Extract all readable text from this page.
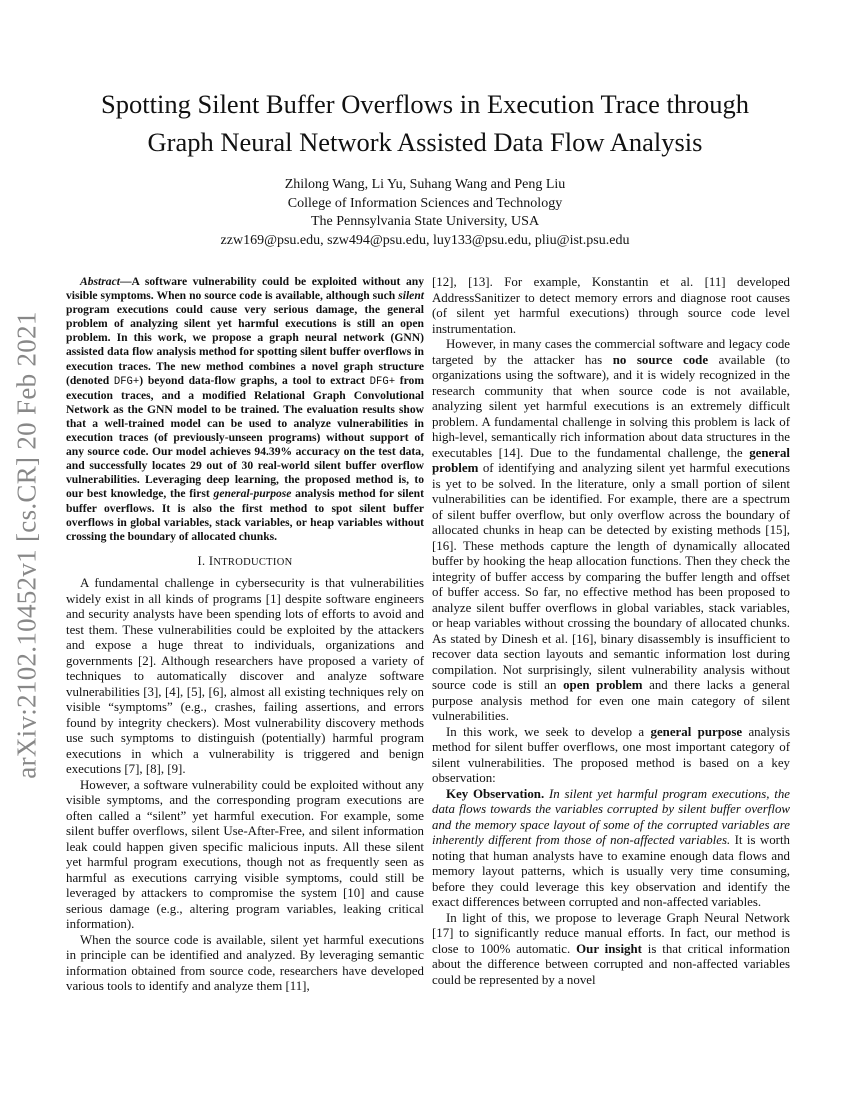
arXiv:2102.10452v1 [cs.CR] 20 Feb 2021
Spotting Silent Buffer Overflows in Execution Trace through
Graph Neural Network Assisted Data Flow Analysis
Zhilong Wang, Li Yu, Suhang Wang and Peng Liu
College of Information Sciences and Technology
The Pennsylvania State University, USA
zzw169@psu.edu, szw494@psu.edu, luy133@psu.edu, pliu@ist.psu.edu

Abstract—A software vulnerability could be exploited without any visible symptoms. When no source code is available, although such silent program executions could cause very serious damage, the general problem of analyzing silent yet harmful executions is still an open problem. In this work, we propose a graph neural network (GNN) assisted data flow analysis method for spotting silent buffer overflows in execution traces. The new method combines a novel graph structure (denoted DFG+) beyond data-flow graphs, a tool to extract DFG+ from execution traces, and a modified Relational Graph Convolutional Network as the GNN model to be trained. The evaluation results show that a well-trained model can be used to analyze vulnerabilities in execution traces (of previously-unseen programs) without support of any source code. Our model achieves 94.39% accuracy on the test data, and successfully locates 29 out of 30 real-world silent buffer overflow vulnerabilities. Leveraging deep learning, the proposed method is, to our best knowledge, the first general-purpose analysis method for silent buffer overflows. It is also the first method to spot silent buffer overflows in global variables, stack variables, or heap variables without crossing the boundary of allocated chunks.

I. INTRODUCTION

A fundamental challenge in cybersecurity is that vulnerabilities widely exist in all kinds of programs [1] despite software engineers and security analysts have been spending lots of efforts to avoid and test them. These vulnerabilities could be exploited by the attackers and expose a huge threat to individuals, organizations and governments [2]. Although researchers have proposed a variety of techniques to automatically discover and analyze software vulnerabilities [3], [4], [5], [6], almost all existing techniques rely on visible “symptoms” (e.g., crashes, failing assertions, and errors found by integrity checkers). Most vulnerability discovery methods use such symptoms to distinguish (potentially) harmful program executions in which a vulnerability is triggered and benign executions [7], [8], [9].

However, a software vulnerability could be exploited without any visible symptoms, and the corresponding program executions are often called a “silent” yet harmful execution. For example, some silent buffer overflows, silent Use-After-Free, and silent information leak could happen given specific malicious inputs. All these silent yet harmful program executions, though not as frequently seen as harmful as executions carrying visible symptoms, could still be leveraged by attackers to compromise the system [10] and cause serious damage (e.g., altering program variables, leaking critical information).

When the source code is available, silent yet harmful executions in principle can be identified and analyzed. By leveraging semantic information obtained from source code, researchers have developed various tools to identify and analyze them [11],

[12], [13]. For example, Konstantin et al. [11] developed AddressSanitizer to detect memory errors and diagnose root causes (of silent yet harmful executions) through source code level instrumentation.

However, in many cases the commercial software and legacy code targeted by the attacker has no source code available (to organizations using the software), and it is widely recognized in the research community that when source code is not available, analyzing silent yet harmful executions is an extremely difficult problem. A fundamental challenge in solving this problem is lack of high-level, semantically rich information about data structures in the executables [14]. Due to the fundamental challenge, the general problem of identifying and analyzing silent yet harmful executions is yet to be solved. In the literature, only a small portion of silent vulnerabilities can be identified. For example, there are a spectrum of silent buffer overflow, but only overflow across the boundary of allocated chunks in heap can be detected by existing methods [15], [16]. These methods capture the length of dynamically allocated buffer by hooking the heap allocation functions. Then they check the integrity of buffer access by comparing the buffer length and offset of buffer access. So far, no effective method has been proposed to analyze silent buffer overflows in global variables, stack variables, or heap variables without crossing the boundary of allocated chunks. As stated by Dinesh et al. [16], binary disassembly is insufficient to recover data section layouts and semantic information lost during compilation. Not surprisingly, silent vulnerability analysis without source code is still an open problem and there lacks a general purpose analysis method for even one main category of silent vulnerabilities.

In this work, we seek to develop a general purpose analysis method for silent buffer overflows, one most important category of silent vulnerabilities. The proposed method is based on a key observation:

Key Observation. In silent yet harmful program executions, the data flows towards the variables corrupted by silent buffer overflow and the memory space layout of some of the corrupted variables are inherently different from those of non-affected variables. It is worth noting that human analysts have to examine enough data flows and memory layout patterns, which is usually very time consuming, before they could leverage this key observation and identify the exact differences between corrupted and non-affected variables.

In light of this, we propose to leverage Graph Neural Network [17] to significantly reduce manual efforts. In fact, our method is close to 100% automatic. Our insight is that critical information about the difference between corrupted and non-affected variables could be represented by a novel
